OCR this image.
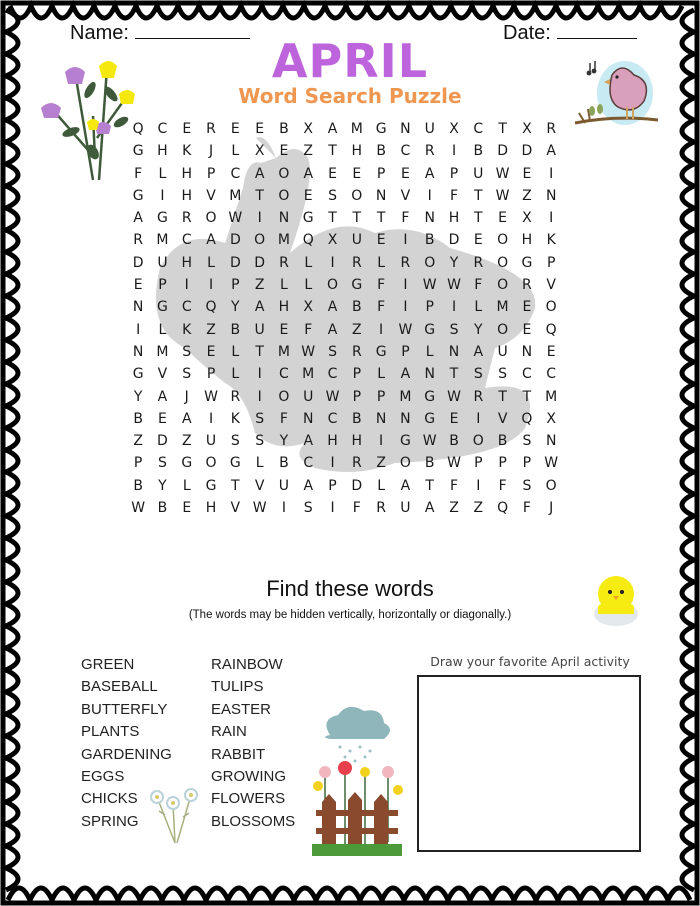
Name:	Date:
APRIL
Word Search Puzzle
Q C	E	R	E	E	B	X	A M G N U	X	C	T	X	R
G H	K	J	L	X	E	Z	T	H	B	C	R	I	B	D D	A
F	L	H	P	C	A O	A	E	E	P	E	A	P	U W E	I
G	I	H	V M T	O	E	S	O N	V	I	F	T W Z	N
A	G	R O W	I	N G	T	T	T	F	N H	T	E	X	I
R M C	A	D O M Q X	U	E	I	B	D	E	O H	K
D U H	L	D D	R	L	I	R	L	R O	Y	R O G	P
E	P	I	I	P	Z	L	L	O G	F	I	W W F	O R	V
N G C Q	Y	A	H	X	A	B	F	I	P	I	L	M E	O
I	L	K	Z	B	U	E	F	A	Z	I	W G	S	Y	O	E	Q
N M S	E	L	T M W S	R	G	P	L	N	A	U N	E
G	V	S	P	L	I	C M C	P	L	A	N	T	S	S	C	C
Y	A	J	W R	I	O U W P	P	M G W R	T	T M
B	E	A	I	K	S	F	N	C	B	N N G	E	I	V Q X
Z	D	Z	U	S	S	Y	A	H H	I	G W B O B	S	N
P	S	G O G	L	B	C	I	R	Z O B W P	P	P W
B	Y	L	G	T	V	U	A	P	D	L	A	T	F	I	F	S	O
W B	E	H	V W	I	S	I	F	R	U	A	Z	Z Q	F	J
Find these words
(The words may be hidden vertically, horizontally or diagonally.)
GREEN
BASEBALL
BUTTERFLY
PLANTS
GARDENING
EGGS
CHICKS
SPRING
RAINBOW
TULIPS
EASTER
RAIN
RABBIT
GROWING
FLOWERS
BLOSSOMS
Draw your favorite April activity
